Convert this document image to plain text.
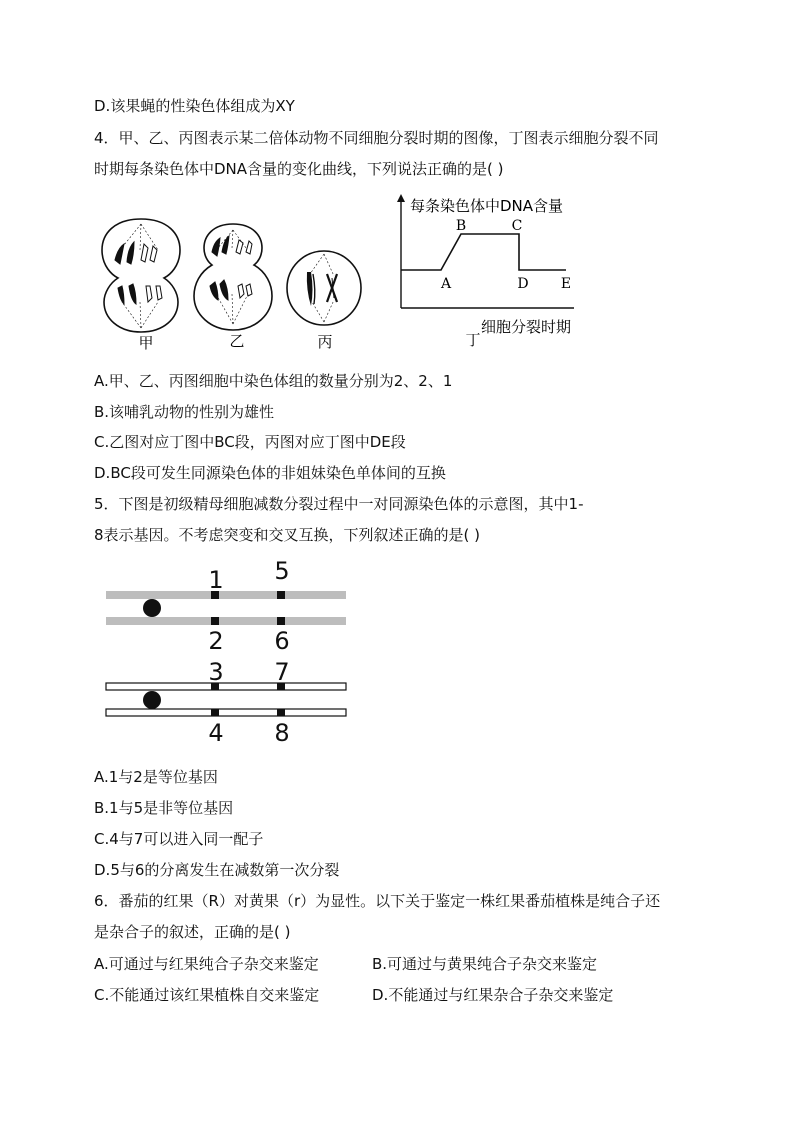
D.该果蝇的性染色体组成为XY
4．甲、乙、丙图表示某二倍体动物不同细胞分裂时期的图像，丁图表示细胞分裂不同
时期每条染色体中DNA含量的变化曲线，下列说法正确的是( )
甲	乙	丙
每条染色体中DNA含量
A
B	C
D E
细胞分裂时期
丁
A.甲、乙、丙图细胞中染色体组的数量分别为2、2、1
B.该哺乳动物的性别为雄性
C.乙图对应丁图中BC段，丙图对应丁图中DE段
D.BC段可发生同源染色体的非姐妹染色单体间的互换
5．下图是初级精母细胞减数分裂过程中一对同源染色体的示意图，其中1-
8表示基因。不考虑突变和交叉互换，下列叙述正确的是( )
1 5
2 6
3 7
4 8
A.1与2是等位基因
B.1与5是非等位基因
C.4与7可以进入同一配子
D.5与6的分离发生在减数第一次分裂
6．番茄的红果（R）对黄果（r）为显性。以下关于鉴定一株红果番茄植株是纯合子还
是杂合子的叙述，正确的是( )
A.可通过与红果纯合子杂交来鉴定	B.可通过与黄果纯合子杂交来鉴定
C.不能通过该红果植株自交来鉴定	D.不能通过与红果杂合子杂交来鉴定
